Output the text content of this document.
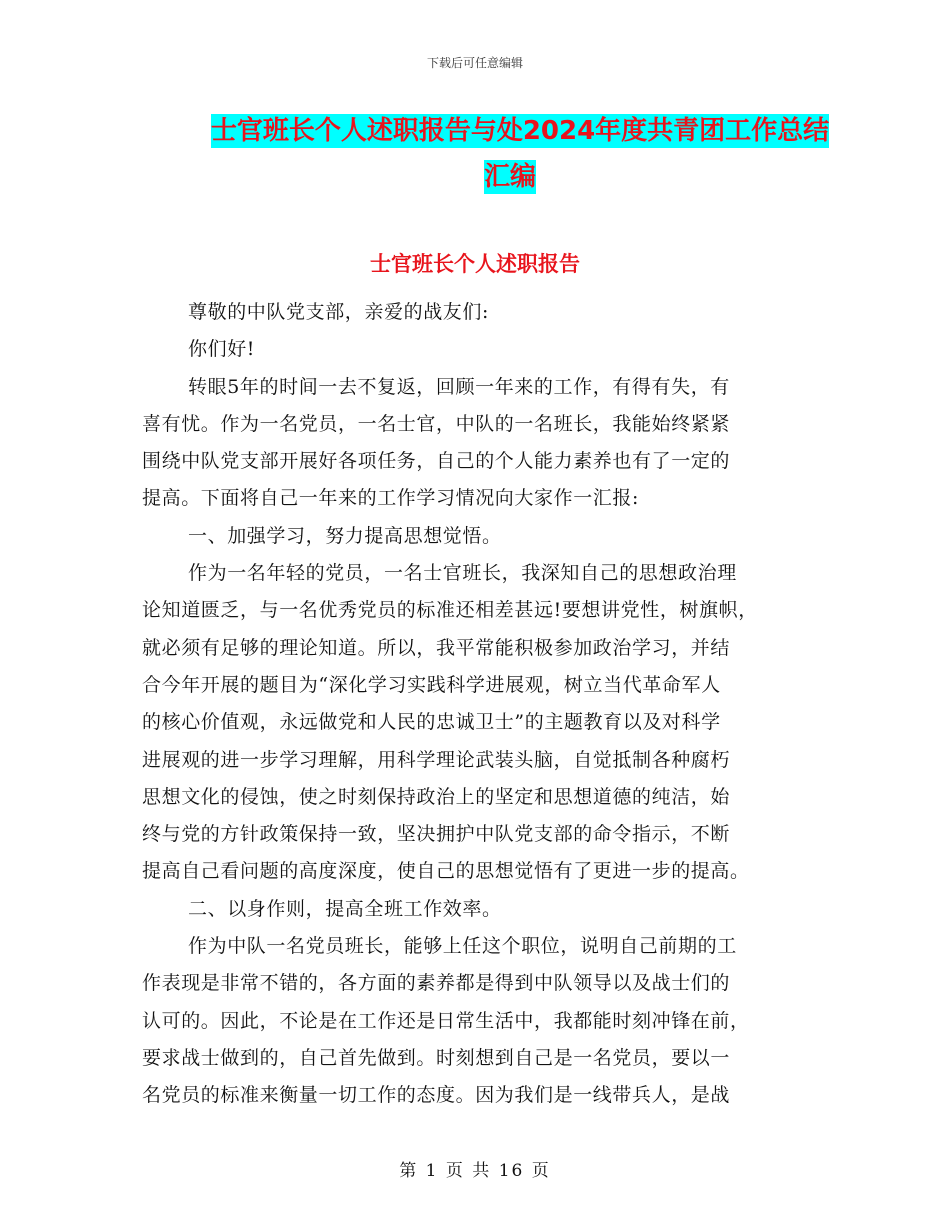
下载后可任意编辑
士官班长个人述职报告与处2024年度共青团工作总结
汇编
士官班长个人述职报告
尊敬的中队党支部，亲爱的战友们:
你们好!
转眼5年的时间一去不复返，回顾一年来的工作，有得有失，有
喜有忧。作为一名党员，一名士官，中队的一名班长，我能始终紧紧
围绕中队党支部开展好各项任务，自己的个人能力素养也有了一定的
提高。下面将自己一年来的工作学习情况向大家作一汇报:
一、加强学习，努力提高思想觉悟。
作为一名年轻的党员，一名士官班长，我深知自己的思想政治理
论知道匮乏，与一名优秀党员的标准还相差甚远!要想讲党性，树旗帜，
就必须有足够的理论知道。所以，我平常能积极参加政治学习，并结
合今年开展的题目为“深化学习实践科学进展观，树立当代革命军人
的核心价值观，永远做党和人民的忠诚卫士”的主题教育以及对科学
进展观的进一步学习理解，用科学理论武装头脑，自觉抵制各种腐朽
思想文化的侵蚀，使之时刻保持政治上的坚定和思想道德的纯洁，始
终与党的方针政策保持一致，坚决拥护中队党支部的命令指示，不断
提高自己看问题的高度深度，使自己的思想觉悟有了更进一步的提高。
二、以身作则，提高全班工作效率。
作为中队一名党员班长，能够上任这个职位，说明自己前期的工
作表现是非常不错的，各方面的素养都是得到中队领导以及战士们的
认可的。因此，不论是在工作还是日常生活中，我都能时刻冲锋在前，
要求战士做到的，自己首先做到。时刻想到自己是一名党员，要以一
名党员的标准来衡量一切工作的态度。因为我们是一线带兵人，是战
第 1 页 共 16 页
